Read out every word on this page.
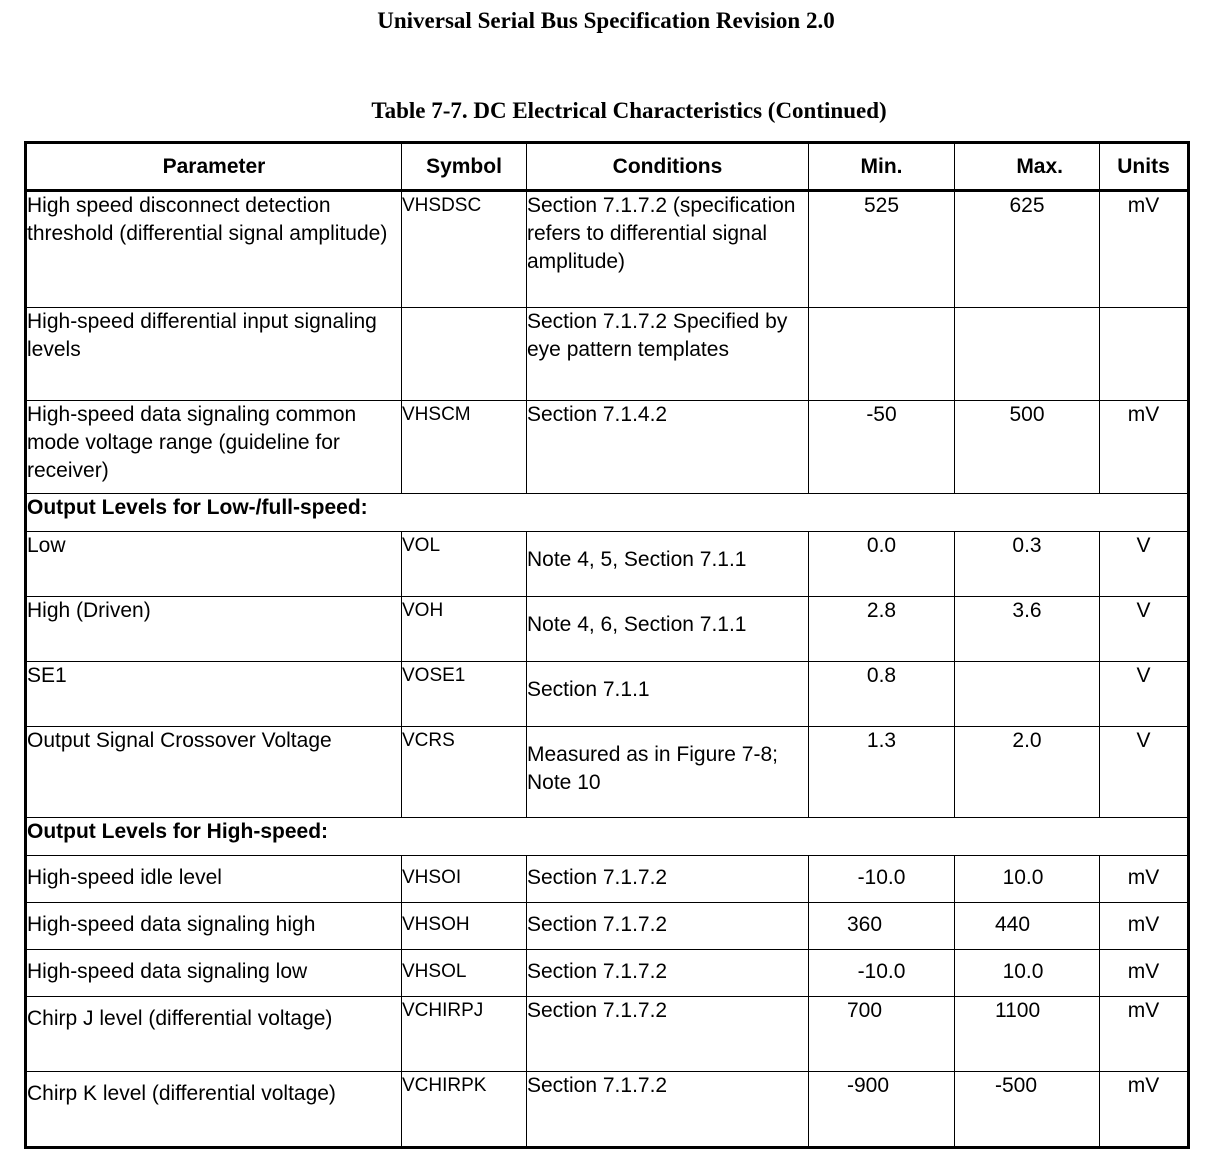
Universal Serial Bus Specification Revision 2.0
Table 7-7. DC Electrical Characteristics (Continued)
Parameter	Symbol	Conditions	Min.	Max.	Units
High speed disconnect detection threshold (differential signal amplitude)	VHSDSC	Section 7.1.7.2 (specification refers to differential signal amplitude)	525	625	mV
High-speed differential input signaling levels		Section 7.1.7.2 Specified by eye pattern templates			
High-speed data signaling common mode voltage range (guideline for receiver)	VHSCM	Section 7.1.4.2	-50	500	mV
Output Levels for Low-/full-speed:					
Low	VOL	Note 4, 5, Section 7.1.1	0.0	0.3	V
High (Driven)	VOH	Note 4, 6, Section 7.1.1	2.8	3.6	V
SE1	VOSE1	Section 7.1.1	0.8		V
Output Signal Crossover Voltage	VCRS	Measured as in Figure 7-8; Note 10	1.3	2.0	V
Output Levels for High-speed:					
High-speed idle level	VHSOI	Section 7.1.7.2	-10.0	10.0	mV
High-speed data signaling high	VHSOH	Section 7.1.7.2	360	440	mV
High-speed data signaling low	VHSOL	Section 7.1.7.2	-10.0	10.0	mV
Chirp J level (differential voltage)	VCHIRPJ	Section 7.1.7.2	700	1100	mV
Chirp K level (differential voltage)	VCHIRPK	Section 7.1.7.2	-900	-500	mV
